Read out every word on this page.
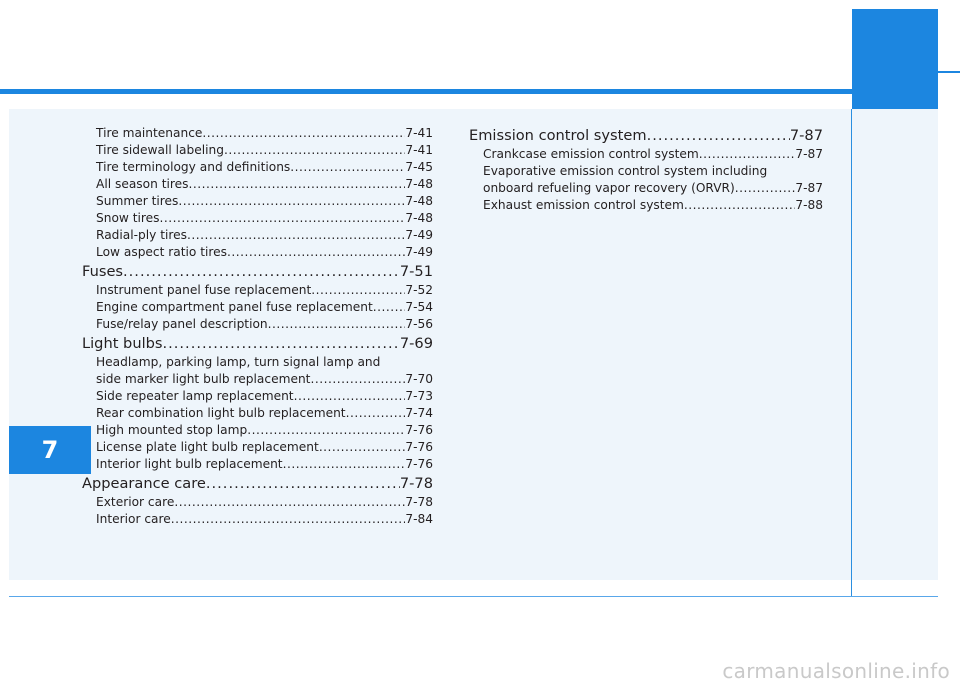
7
Tire maintenance .....	7-41
Tire sidewall labeling .....	7-41
Tire terminology and definitions .....	7-45
All season tires .....	7-48
Summer tires .....	7-48
Snow tires .....	7-48
Radial-ply tires .....	7-49
Low aspect ratio tires .....	7-49
Fuses .....	7-51
Instrument panel fuse replacement .....	7-52
Engine compartment panel fuse replacement .....	7-54
Fuse/relay panel description .....	7-56
Light bulbs .....	7-69
Headlamp, parking lamp, turn signal lamp and
side marker light bulb replacement .....	7-70
Side repeater lamp replacement .....	7-73
Rear combination light bulb replacement .....	7-74
High mounted stop lamp .....	7-76
License plate light bulb replacement .....	7-76
Interior light bulb replacement .....	7-76
Appearance care .....	7-78
Exterior care .....	7-78
Interior care .....	7-84
Emission control system .....	7-87
Crankcase emission control system .....	7-87
Evaporative emission control system including
onboard refueling vapor recovery (ORVR) .....	7-87
Exhaust emission control system .....	7-88
carmanualsonline.info
